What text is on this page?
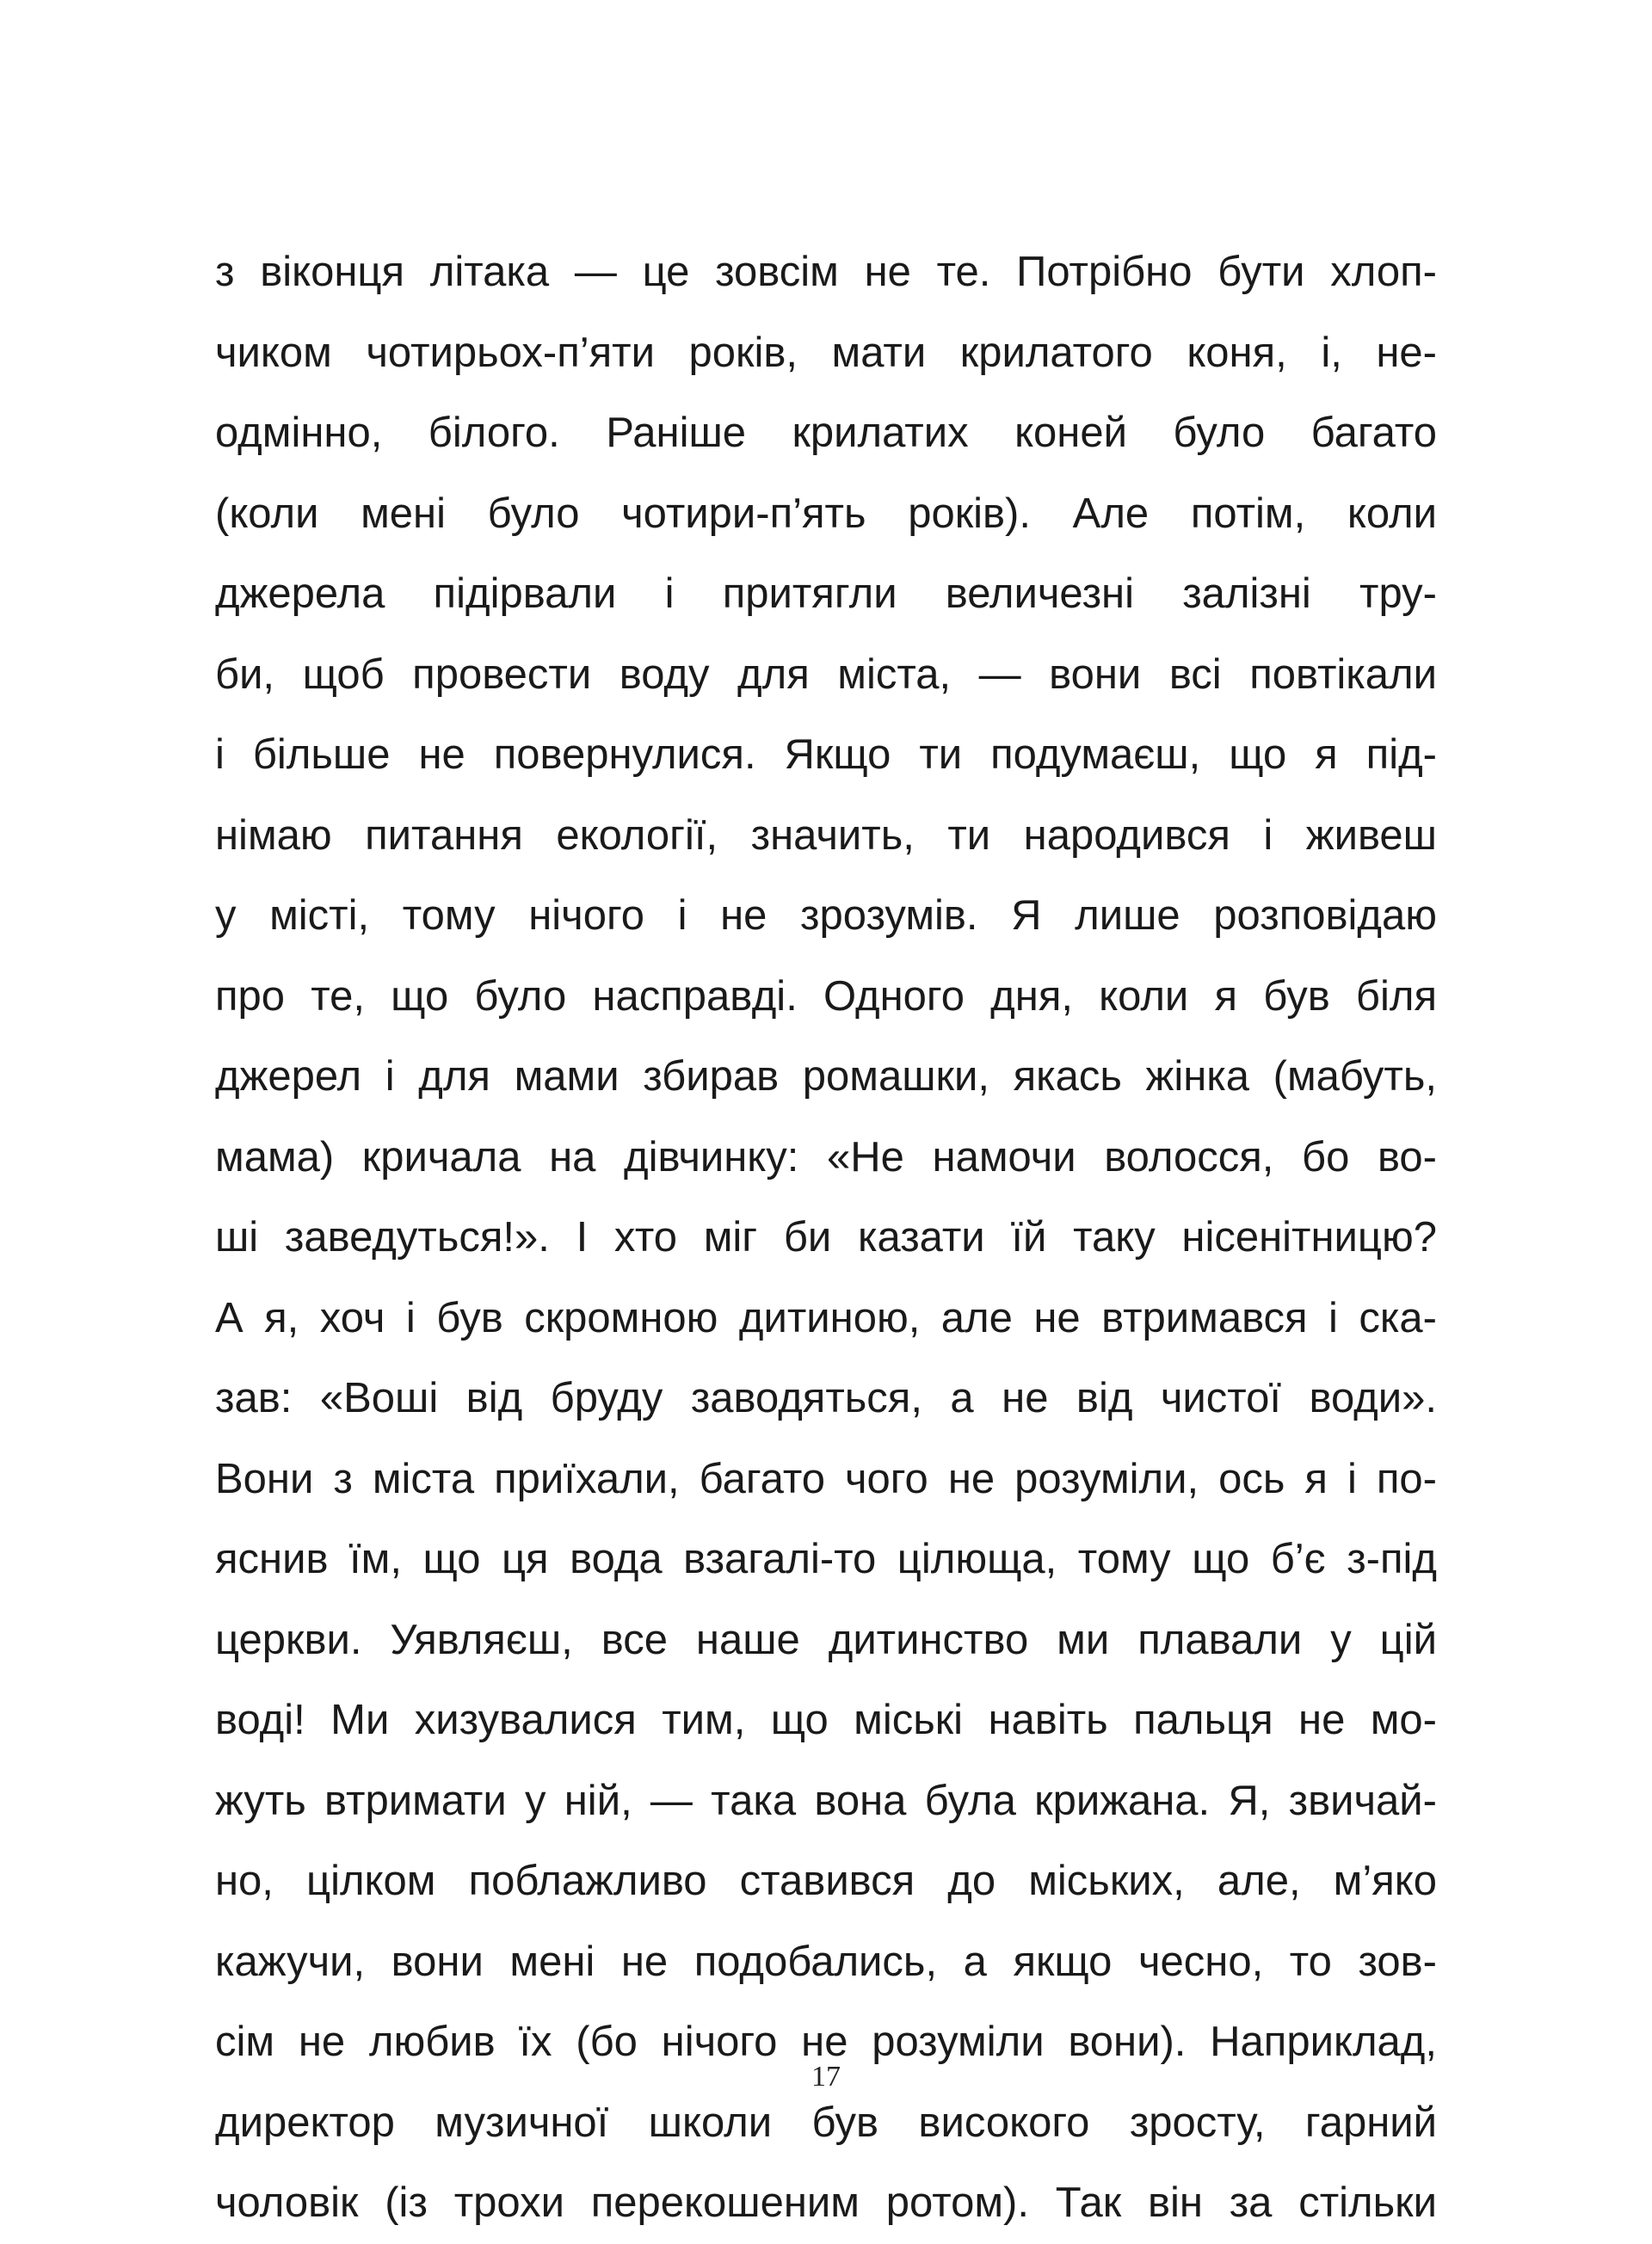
з віконця літака — це зовсім не те. Потрібно бути хлоп-
чиком чотирьох-п’яти років, мати крилатого коня, і, не-
одмінно, білого. Раніше крилатих коней було багато
(коли мені було чотири-п’ять років). Але потім, коли
джерела підірвали і притягли величезні залізні тру-
би, щоб провести воду для міста, — вони всі повтікали
і більше не повернулися. Якщо ти подумаєш, що я під-
німаю питання екології, значить, ти народився і живеш
у місті, тому нічого і не зрозумів. Я лише розповідаю
про те, що було насправді. Одного дня, коли я був біля
джерел і для мами збирав ромашки, якась жінка (мабуть,
мама) кричала на дівчинку: «Не намочи волосся, бо во-
ші заведуться!». І хто міг би казати їй таку нісенітницю?
А я, хоч і був скромною дитиною, але не втримався і ска-
зав: «Воші від бруду заводяться, а не від чистої води».
Вони з міста приїхали, багато чого не розуміли, ось я і по-
яснив їм, що ця вода взагалі-то цілюща, тому що б’є з-під
церкви. Уявляєш, все наше дитинство ми плавали у цій
воді! Ми хизувалися тим, що міські навіть пальця не мо-
жуть втримати у ній, — така вона була крижана. Я, звичай-
но, цілком поблажливо ставився до міських, але, м’яко
кажучи, вони мені не подобались, а якщо чесно, то зов-
сім не любив їх (бо нічого не розуміли вони). Наприклад,
директор музичної школи був високого зросту, гарний
чоловік (із трохи перекошеним ротом). Так він за стільки

17
